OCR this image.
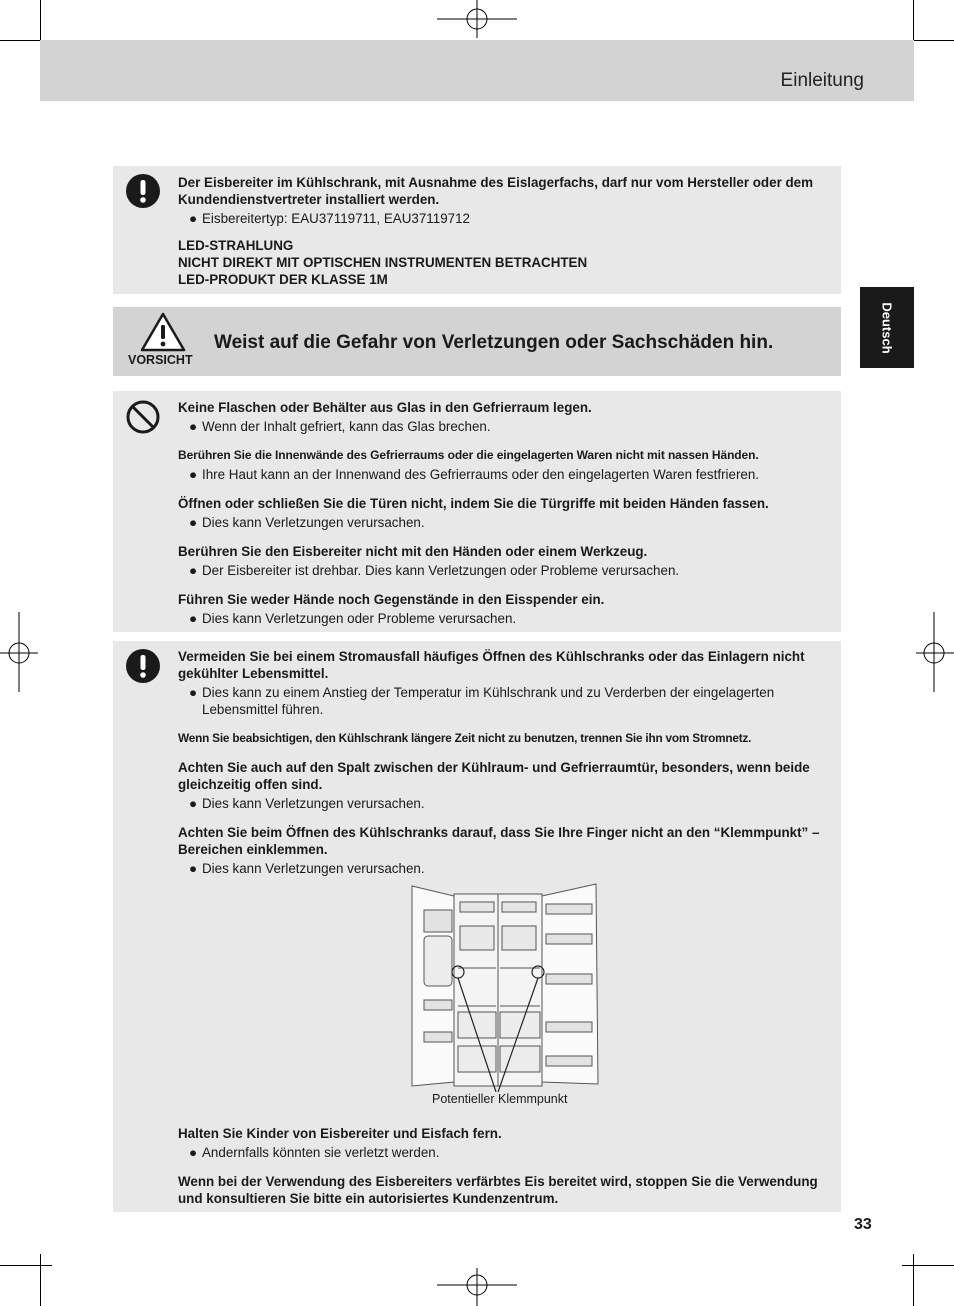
Einleitung
Deutsch
Der Eisbereiter im Kühlschrank, mit Ausnahme des Eislagerfachs, darf nur vom Hersteller oder dem Kundendienstvertreter installiert werden.
● Eisbereitertyp: EAU37119711, EAU37119712
LED-STRAHLUNG
NICHT DIREKT MIT OPTISCHEN INSTRUMENTEN BETRACHTEN
LED-PRODUKT DER KLASSE 1M
VORSICHT
Weist auf die Gefahr von Verletzungen oder Sachschäden hin.
Keine Flaschen oder Behälter aus Glas in den Gefrierraum legen.
● Wenn der Inhalt gefriert, kann das Glas brechen.
Berühren Sie die Innenwände des Gefrierraums oder die eingelagerten Waren nicht mit nassen Händen.
● Ihre Haut kann an der Innenwand des Gefrierraums oder den eingelagerten Waren festfrieren.
Öffnen oder schließen Sie die Türen nicht, indem Sie die Türgriffe mit beiden Händen fassen.
● Dies kann Verletzungen verursachen.
Berühren Sie den Eisbereiter nicht mit den Händen oder einem Werkzeug.
● Der Eisbereiter ist drehbar. Dies kann Verletzungen oder Probleme verursachen.
Führen Sie weder Hände noch Gegenstände in den Eisspender ein.
● Dies kann Verletzungen oder Probleme verursachen.
Vermeiden Sie bei einem Stromausfall häufiges Öffnen des Kühlschranks oder das Einlagern nicht gekühlter Lebensmittel.
● Dies kann zu einem Anstieg der Temperatur im Kühlschrank und zu Verderben der eingelagerten Lebensmittel führen.
Wenn Sie beabsichtigen, den Kühlschrank längere Zeit nicht zu benutzen, trennen Sie ihn vom Stromnetz.
Achten Sie auch auf den Spalt zwischen der Kühlraum- und Gefrierraumtür, besonders, wenn beide gleichzeitig offen sind.
● Dies kann Verletzungen verursachen.
Achten Sie beim Öffnen des Kühlschranks darauf, dass Sie Ihre Finger nicht an den “Klemmpunkt” – Bereichen einklemmen.
● Dies kann Verletzungen verursachen.
Halten Sie Kinder von Eisbereiter und Eisfach fern.
● Andernfalls könnten sie verletzt werden.
Wenn bei der Verwendung des Eisbereiters verfärbtes Eis bereitet wird, stoppen Sie die Verwendung und konsultieren Sie bitte ein autorisiertes Kundenzentrum.
Potentieller Klemmpunkt
33
